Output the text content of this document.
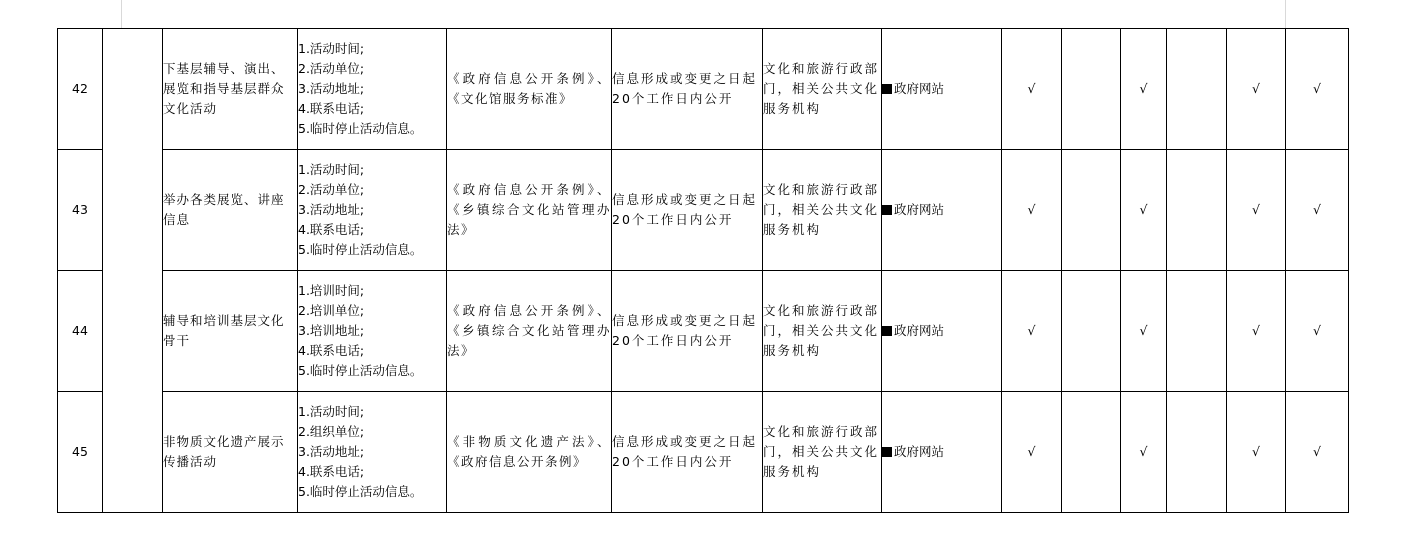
42		下基层辅导、演出、展览和指导基层群众文化活动	1.活动时间;
2.活动单位;
3.活动地址;
4.联系电话;
5.临时停止活动信息。	《政府信息公开条例》、《文化馆服务标准》	信息形成或变更之日起20个工作日内公开	文化和旅游行政部门，相关公共文化服务机构	政府网站	√		√		√	√
43		举办各类展览、讲座信息	1.活动时间;
2.活动单位;
3.活动地址;
4.联系电话;
5.临时停止活动信息。	《政府信息公开条例》、《乡镇综合文化站管理办法》	信息形成或变更之日起20个工作日内公开	文化和旅游行政部门，相关公共文化服务机构	政府网站	√		√		√	√
44		辅导和培训基层文化骨干	1.培训时间;
2.培训单位;
3.培训地址;
4.联系电话;
5.临时停止活动信息。	《政府信息公开条例》、《乡镇综合文化站管理办法》	信息形成或变更之日起20个工作日内公开	文化和旅游行政部门，相关公共文化服务机构	政府网站	√		√		√	√
45		非物质文化遗产展示传播活动	1.活动时间;
2.组织单位;
3.活动地址;
4.联系电话;
5.临时停止活动信息。	《非物质文化遗产法》、《政府信息公开条例》	信息形成或变更之日起20个工作日内公开	文化和旅游行政部门，相关公共文化服务机构	政府网站	√		√		√	√
